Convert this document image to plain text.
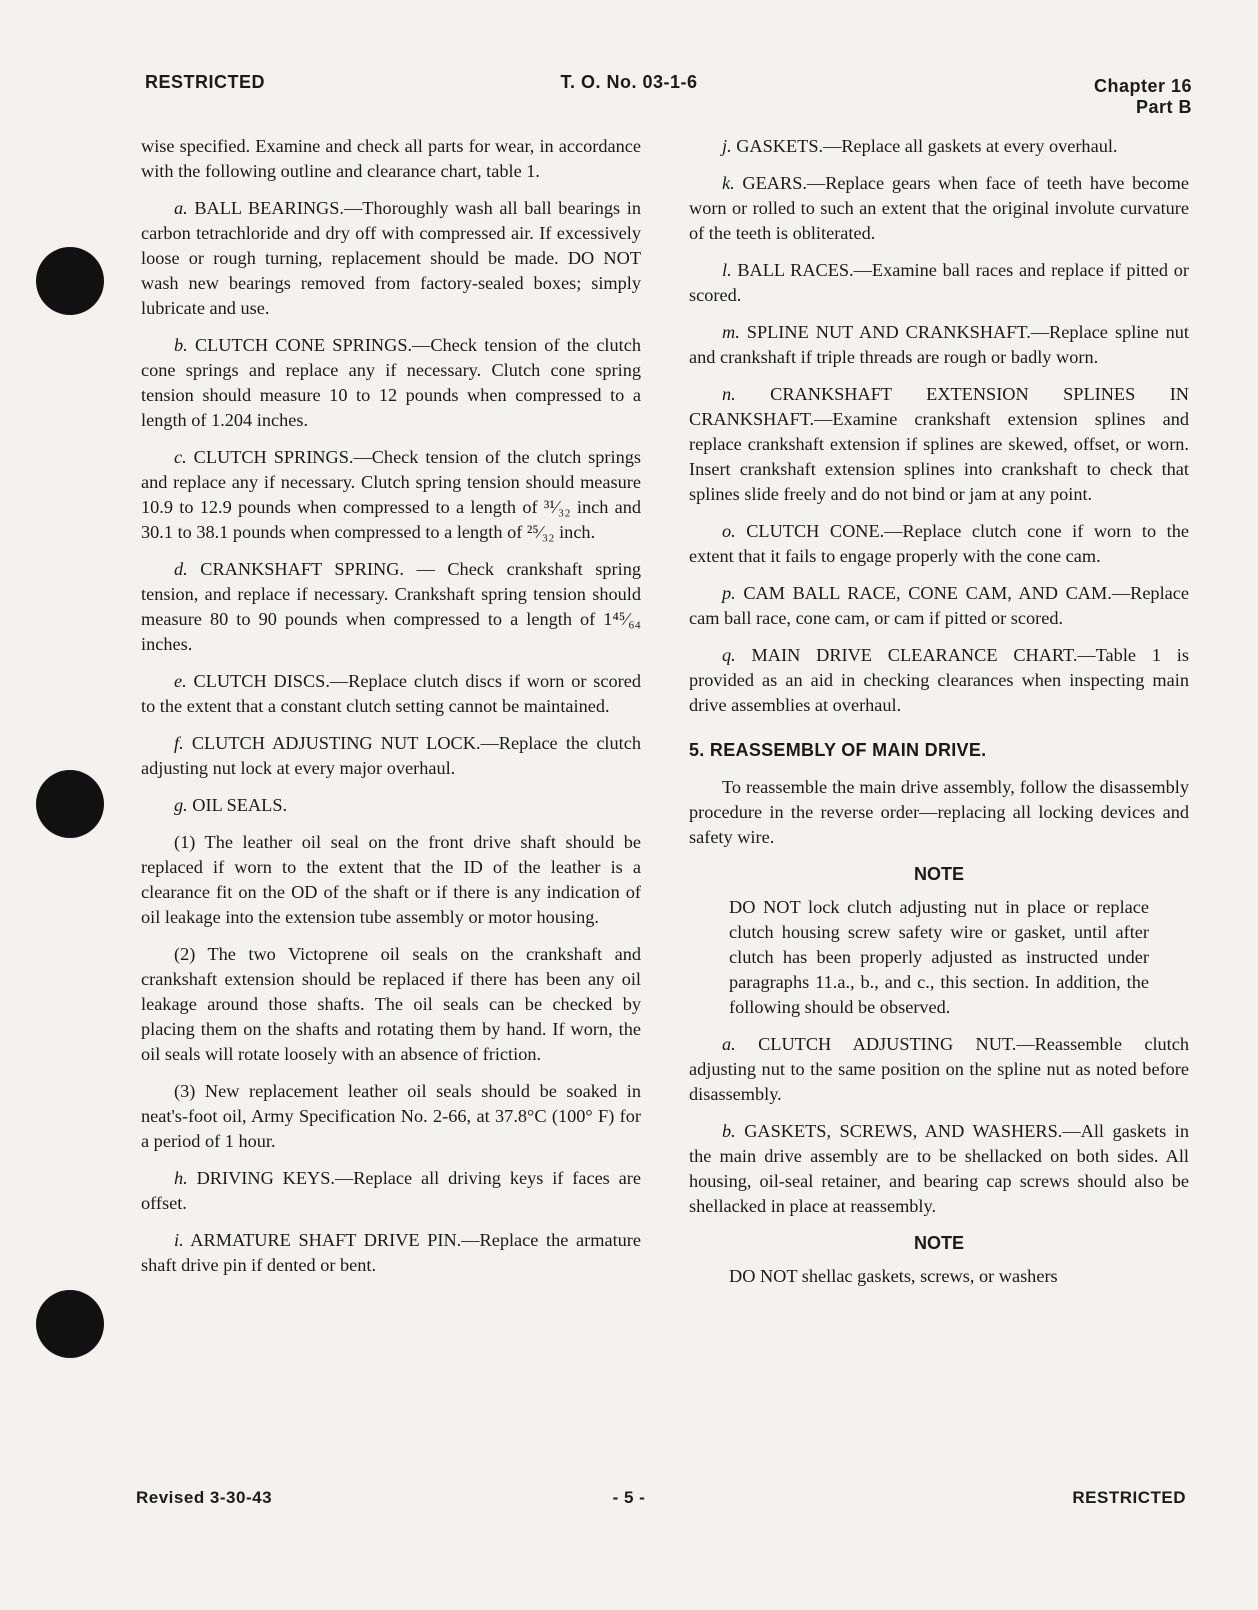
RESTRICTED	T. O. No. 03-1-6	Chapter 16
Part B

wise specified. Examine and check all parts for wear, in accordance with the following outline and clearance chart, table 1.

a. BALL BEARINGS.—Thoroughly wash all ball bearings in carbon tetrachloride and dry off with compressed air. If excessively loose or rough turning, replacement should be made. DO NOT wash new bearings removed from factory-sealed boxes; simply lubricate and use.

b. CLUTCH CONE SPRINGS.—Check tension of the clutch cone springs and replace any if necessary. Clutch cone spring tension should measure 10 to 12 pounds when compressed to a length of 1.204 inches.

c. CLUTCH SPRINGS.—Check tension of the clutch springs and replace any if necessary. Clutch spring tension should measure 10.9 to 12.9 pounds when compressed to a length of ³¹⁄₃₂ inch and 30.1 to 38.1 pounds when compressed to a length of ²⁵⁄₃₂ inch.

d. CRANKSHAFT SPRING. — Check crankshaft spring tension, and replace if necessary. Crankshaft spring tension should measure 80 to 90 pounds when compressed to a length of 1⁴⁵⁄₆₄ inches.

e. CLUTCH DISCS.—Replace clutch discs if worn or scored to the extent that a constant clutch setting cannot be maintained.

f. CLUTCH ADJUSTING NUT LOCK.—Replace the clutch adjusting nut lock at every major overhaul.

g. OIL SEALS.

(1) The leather oil seal on the front drive shaft should be replaced if worn to the extent that the ID of the leather is a clearance fit on the OD of the shaft or if there is any indication of oil leakage into the extension tube assembly or motor housing.

(2) The two Victoprene oil seals on the crankshaft and crankshaft extension should be replaced if there has been any oil leakage around those shafts. The oil seals can be checked by placing them on the shafts and rotating them by hand. If worn, the oil seals will rotate loosely with an absence of friction.

(3) New replacement leather oil seals should be soaked in neat's-foot oil, Army Specification No. 2-66, at 37.8°C (100° F) for a period of 1 hour.

h. DRIVING KEYS.—Replace all driving keys if faces are offset.

i. ARMATURE SHAFT DRIVE PIN.—Replace the armature shaft drive pin if dented or bent.

j. GASKETS.—Replace all gaskets at every overhaul.

k. GEARS.—Replace gears when face of teeth have become worn or rolled to such an extent that the original involute curvature of the teeth is obliterated.

l. BALL RACES.—Examine ball races and replace if pitted or scored.

m. SPLINE NUT AND CRANKSHAFT.—Replace spline nut and crankshaft if triple threads are rough or badly worn.

n. CRANKSHAFT EXTENSION SPLINES IN CRANKSHAFT.—Examine crankshaft extension splines and replace crankshaft extension if splines are skewed, offset, or worn. Insert crankshaft extension splines into crankshaft to check that splines slide freely and do not bind or jam at any point.

o. CLUTCH CONE.—Replace clutch cone if worn to the extent that it fails to engage properly with the cone cam.

p. CAM BALL RACE, CONE CAM, AND CAM.—Replace cam ball race, cone cam, or cam if pitted or scored.

q. MAIN DRIVE CLEARANCE CHART.—Table 1 is provided as an aid in checking clearances when inspecting main drive assemblies at overhaul.

5. REASSEMBLY OF MAIN DRIVE.

To reassemble the main drive assembly, follow the disassembly procedure in the reverse order—replacing all locking devices and safety wire.

NOTE

DO NOT lock clutch adjusting nut in place or replace clutch housing screw safety wire or gasket, until after clutch has been properly adjusted as instructed under paragraphs 11.a., b., and c., this section. In addition, the following should be observed.

a. CLUTCH ADJUSTING NUT.—Reassemble clutch adjusting nut to the same position on the spline nut as noted before disassembly.

b. GASKETS, SCREWS, AND WASHERS.—All gaskets in the main drive assembly are to be shellacked on both sides. All housing, oil-seal retainer, and bearing cap screws should also be shellacked in place at reassembly.

NOTE

DO NOT shellac gaskets, screws, or washers

Revised 3-30-43	- 5 -	RESTRICTED
